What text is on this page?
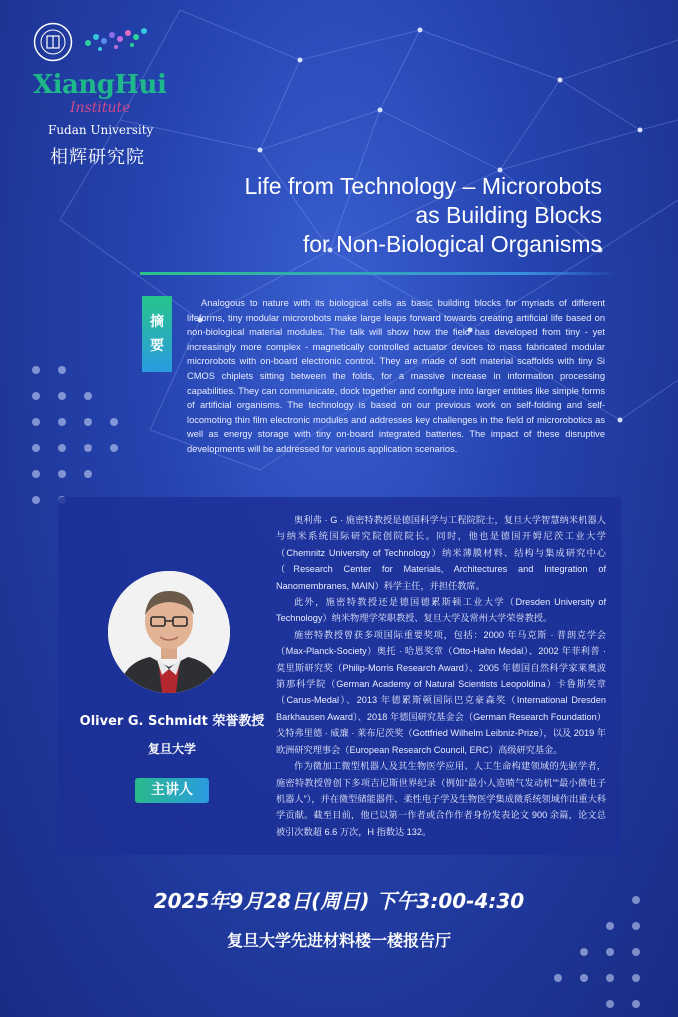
XiangHui
Institute
Fudan University
相辉研究院
Life from Technology – Microrobots
as Building Blocks
for Non-Biological Organisms
摘
要
Analogous to nature with its biological cells as basic building blocks for myriads of different lifeforms, tiny modular microrobots make large leaps forward towards creating artificial life based on non-biological material modules. The talk will show how the field has developed from tiny - yet increasingly more complex - magnetically controlled actuator devices to mass fabricated modular microrobots with on-board electronic control. They are made of soft material scaffolds with tiny Si CMOS chiplets sitting between the folds, for a massive increase in information processing capabilities. They can communicate, dock together and configure into larger entities like simple forms of artificial organisms. The technology is based on our previous work on self-folding and self-locomoting thin film electronic modules and addresses key challenges in the field of microrobotics as well as energy storage with tiny on-board integrated batteries. The impact of these disruptive developments will be addressed for various application scenarios.
Oliver G. Schmidt 荣誉教授
复旦大学
主讲人

奥利弗 · G · 施密特教授是德国科学与工程院院士，复旦大学智慧纳米机器人与纳米系统国际研究院创院院长。同时，他也是德国开姆尼茨工业大学（Chemnitz University of Technology）纳米薄膜材料、结构与集成研究中心（Research Center for Materials, Architectures and Integration of Nanomembranes, MAIN）科学主任，并担任教席。

此外，施密特教授还是德国德累斯顿工业大学（Dresden University of Technology）纳米物理学荣职教授、复旦大学及常州大学荣誉教授。

施密特教授曾获多项国际重要奖项，包括：2000 年马克斯 · 普朗克学会（Max-Planck-Society）奥托 · 哈恩奖章（Otto-Hahn Medal）、2002 年菲利普 · 莫里斯研究奖（Philip-Morris Research Award）、2005 年德国自然科学家莱奥波第那科学院（German Academy of Natural Scientists Leopoldina）卡鲁斯奖章（Carus-Medal）、2013 年德累斯顿国际巴克豪森奖（International Dresden Barkhausen Award）、2018 年德国研究基金会（German Research Foundation）戈特弗里德 · 威廉 · 莱布尼茨奖（Gottfried Wilhelm Leibniz-Prize），以及 2019 年欧洲研究理事会（European Research Council, ERC）高级研究基金。

作为微加工微型机器人及其生物医学应用、人工生命构建领域的先驱学者，施密特教授曾创下多项吉尼斯世界纪录（例如“最小人造喷气发动机”“最小微电子机器人”），并在微型储能器件、柔性电子学及生物医学集成微系统领域作出重大科学贡献。截至目前，他已以第一作者或合作作者身份发表论文 900 余篇，论文总被引次数超 6.6 万次，H 指数达 132。

2025年9月28日(周日) 下午3:00-4:30
复旦大学先进材料楼一楼报告厅
